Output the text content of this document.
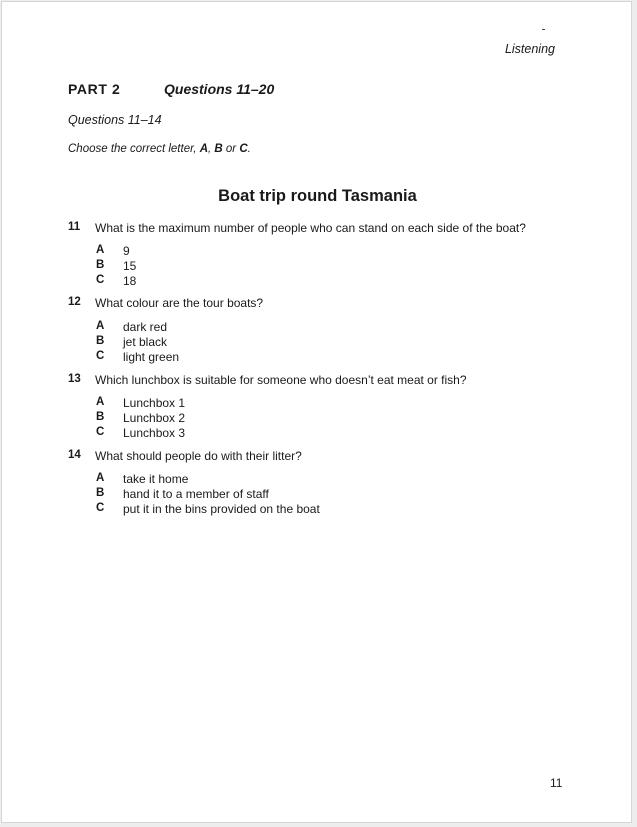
Listening
PART 2	Questions 11–20
Questions 11–14
Choose the correct letter, A, B or C.
Boat trip round Tasmania
11 What is the maximum number of people who can stand on each side of the boat?
A 9
B 15
C 18
12 What colour are the tour boats?
A dark red
B jet black
C light green
13 Which lunchbox is suitable for someone who doesn’t eat meat or fish?
A Lunchbox 1
B Lunchbox 2
C Lunchbox 3
14 What should people do with their litter?
A take it home
B hand it to a member of staff
C put it in the bins provided on the boat
11
